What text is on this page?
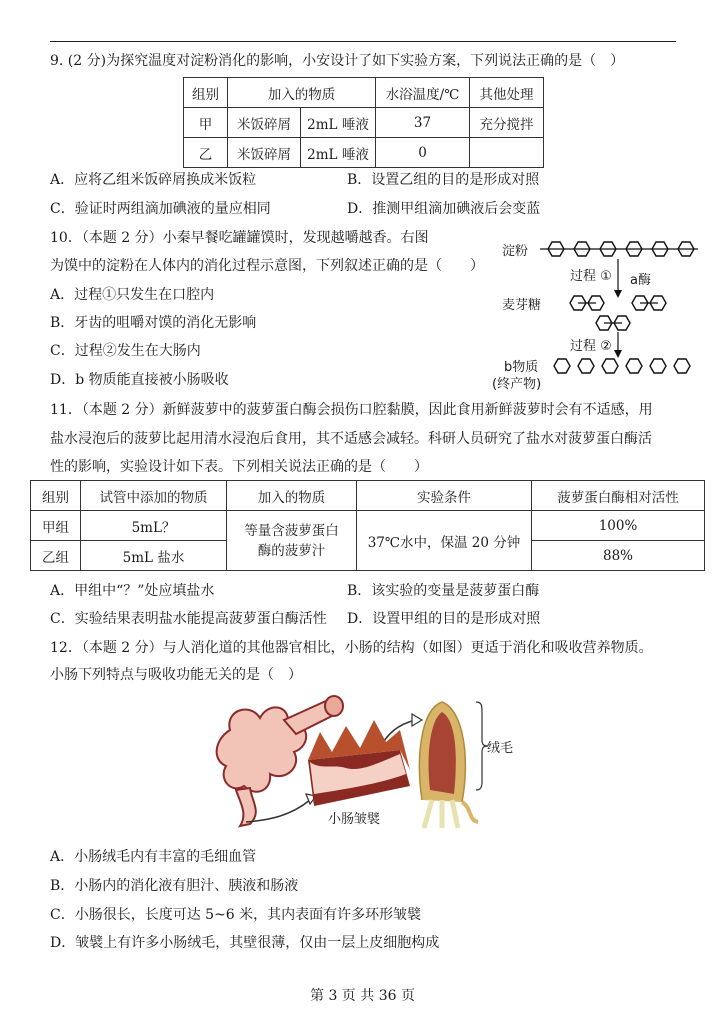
9. (2 分)为探究温度对淀粉消化的影响，小安设计了如下实验方案，下列说法正确的是（　）
组别	加入的物质		水浴温度/℃	其他处理
甲	米饭碎屑	2mL 唾液	37	充分搅拌
乙	米饭碎屑	2mL 唾液	0	
A．应将乙组米饭碎屑换成米饭粒	B．设置乙组的目的是形成对照
C．验证时两组滴加碘液的量应相同	D．推测甲组滴加碘液后会变蓝
10．（本题 2 分）小秦早餐吃罐罐馍时，发现越嚼越香。右图
为馍中的淀粉在人体内的消化过程示意图，下列叙述正确的是（　　）
A．过程①只发生在口腔内
B．牙齿的咀嚼对馍的消化无影响
C．过程②发生在大肠内
D．b 物质能直接被小肠吸收
淀粉
过程 ① a酶
麦芽糖
过程 ②
b物质
(终产物)
11．（本题 2 分）新鲜菠萝中的菠萝蛋白酶会损伤口腔黏膜，因此食用新鲜菠萝时会有不适感，用
盐水浸泡后的菠萝比起用清水浸泡后食用，其不适感会减轻。科研人员研究了盐水对菠萝蛋白酶活
性的影响，实验设计如下表。下列相关说法正确的是（　　）
组别	试管中添加的物质	加入的物质	实验条件	菠萝蛋白酶相对活性
甲组	5mL？	等量含菠萝蛋白酶的菠萝汁	37℃水中，保温 20 分钟	100%
乙组	5mL 盐水			88%
A．甲组中“？”处应填盐水	B．该实验的变量是菠萝蛋白酶
C．实验结果表明盐水能提高菠萝蛋白酶活性 D．设置甲组的目的是形成对照
12．（本题 2 分）与人消化道的其他器官相比，小肠的结构（如图）更适于消化和吸收营养物质。
小肠下列特点与吸收功能无关的是（　）
绒毛
小肠皱襞
A．小肠绒毛内有丰富的毛细血管
B．小肠内的消化液有胆汁、胰液和肠液
C．小肠很长，长度可达 5~6 米，其内表面有许多环形皱襞
D．皱襞上有许多小肠绒毛，其壁很薄，仅由一层上皮细胞构成
第 3 页 共 36 页
